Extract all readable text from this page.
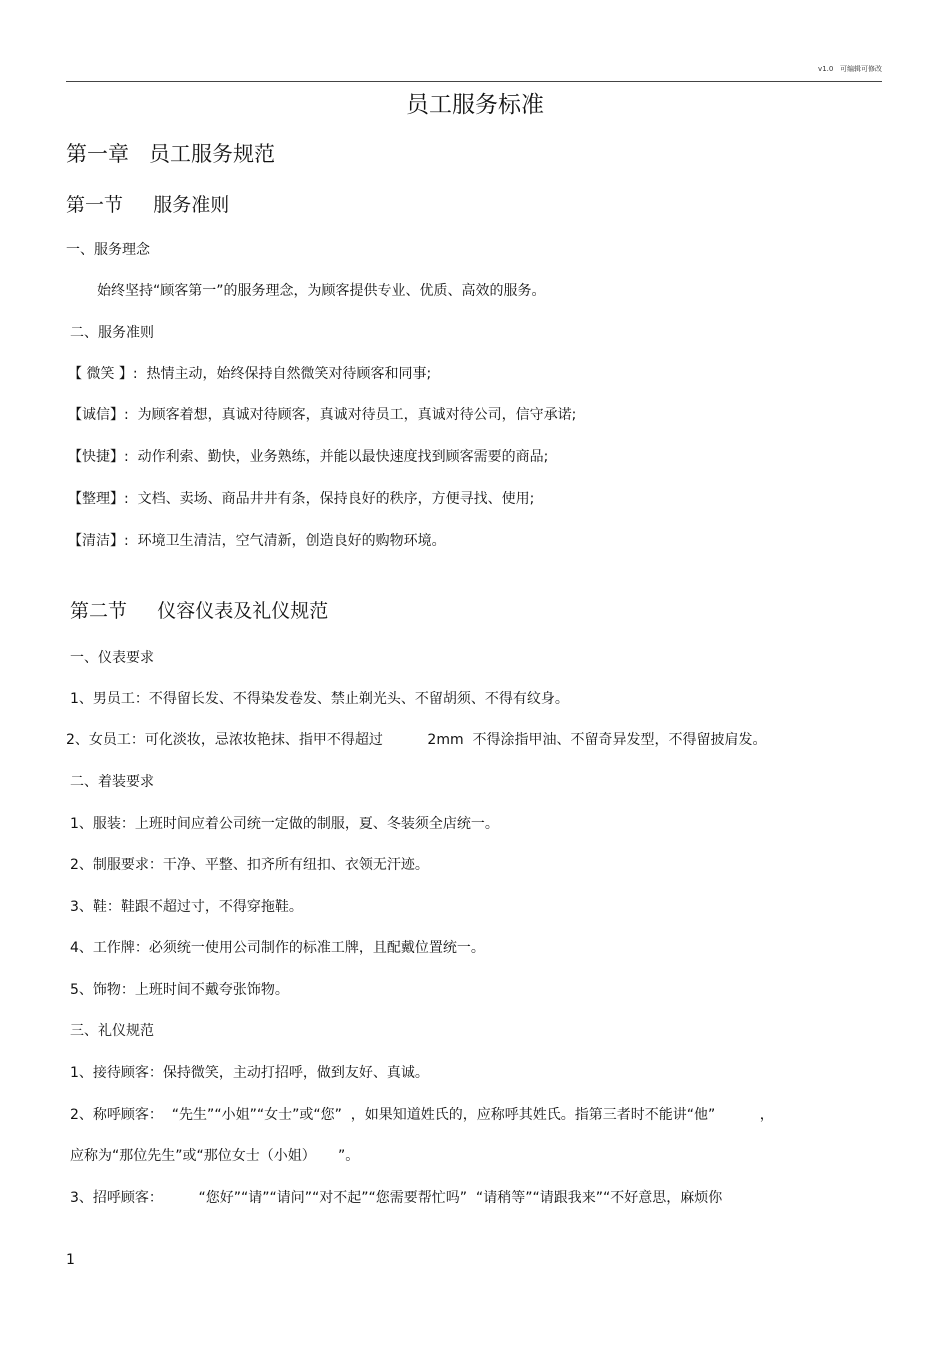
v1.0   可编辑可修改
员工服务标准
第一章   员工服务规范
第一节     服务准则
一、服务理念
始终坚持“顾客第一”的服务理念，为顾客提供专业、优质、高效的服务。
二、服务准则
【 微笑 】:  热情主动，始终保持自然微笑对待顾客和同事;
【诚信】:  为顾客着想，真诚对待顾客，真诚对待员工，真诚对待公司，信守承诺;
【快捷】:  动作利索、勤快，业务熟练，并能以最快速度找到顾客需要的商品;
【整理】:  文档、卖场、商品井井有条，保持良好的秩序，方便寻找、使用;
【清洁】:  环境卫生清洁，空气清新，创造良好的购物环境。
第二节     仪容仪表及礼仪规范
一、仪表要求
1、男员工：不得留长发、不得染发卷发、禁止剃光头、不留胡须、不得有纹身。
2、女员工：可化淡妆，忌浓妆艳抹、指甲不得超过          2mm  不得涂指甲油、不留奇异发型，不得留披肩发。
二、着装要求
1、服装：上班时间应着公司统一定做的制服，夏、冬装须全店统一。
2、制服要求：干净、平整、扣齐所有纽扣、衣领无汗迹。
3、鞋：鞋跟不超过寸，不得穿拖鞋。
4、工作牌：必须统一使用公司制作的标准工牌，且配戴位置统一。
5、饰物：上班时间不戴夸张饰物。
三、礼仪规范
1、接待顾客：保持微笑，主动打招呼，做到友好、真诚。
2、称呼顾客：  “先生”“小姐”“女士”或“您”  ，如果知道姓氏的，应称呼其姓氏。指第三者时不能讲“他”          ，
应称为“那位先生”或“那位女士（小姐）     ”。
3、招呼顾客：        “您好”“请”“请问”“对不起”“您需要帮忙吗”  “请稍等”“请跟我来”“不好意思，麻烦你
1
